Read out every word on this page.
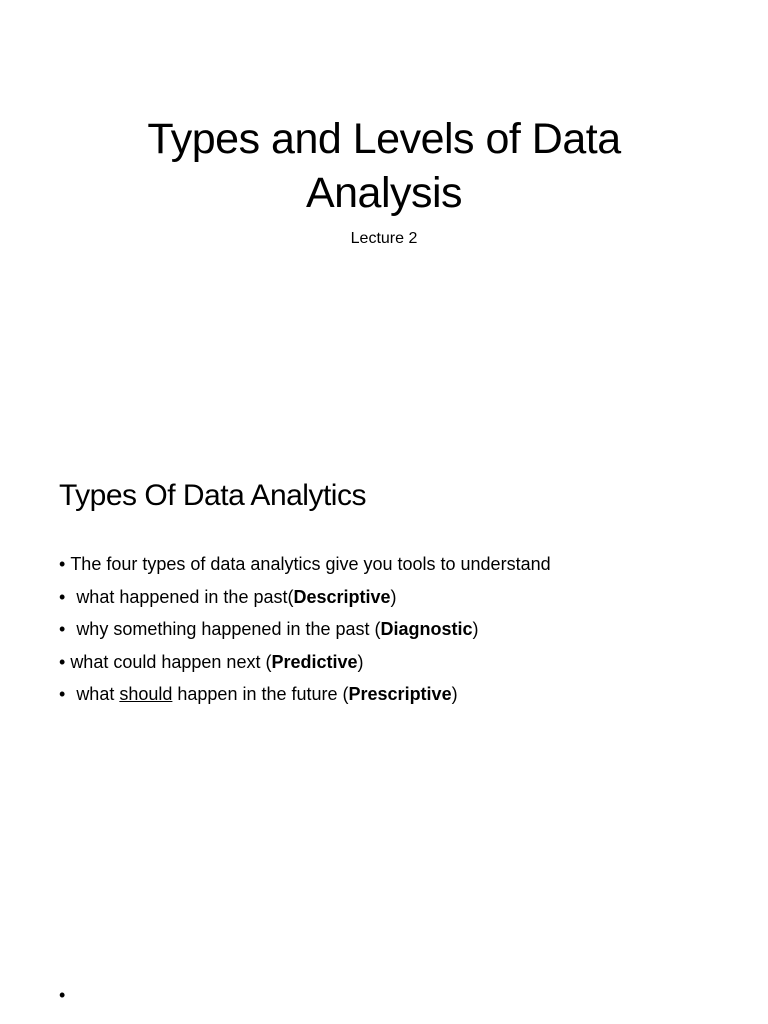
Types and Levels of Data
Analysis

Lecture 2

Types Of Data Analytics
• The four types of data analytics give you tools to understand
• what happened in the past(Descriptive)
• why something happened in the past (Diagnostic)
• what could happen next (Predictive)
• what should happen in the future (Prescriptive)
•
